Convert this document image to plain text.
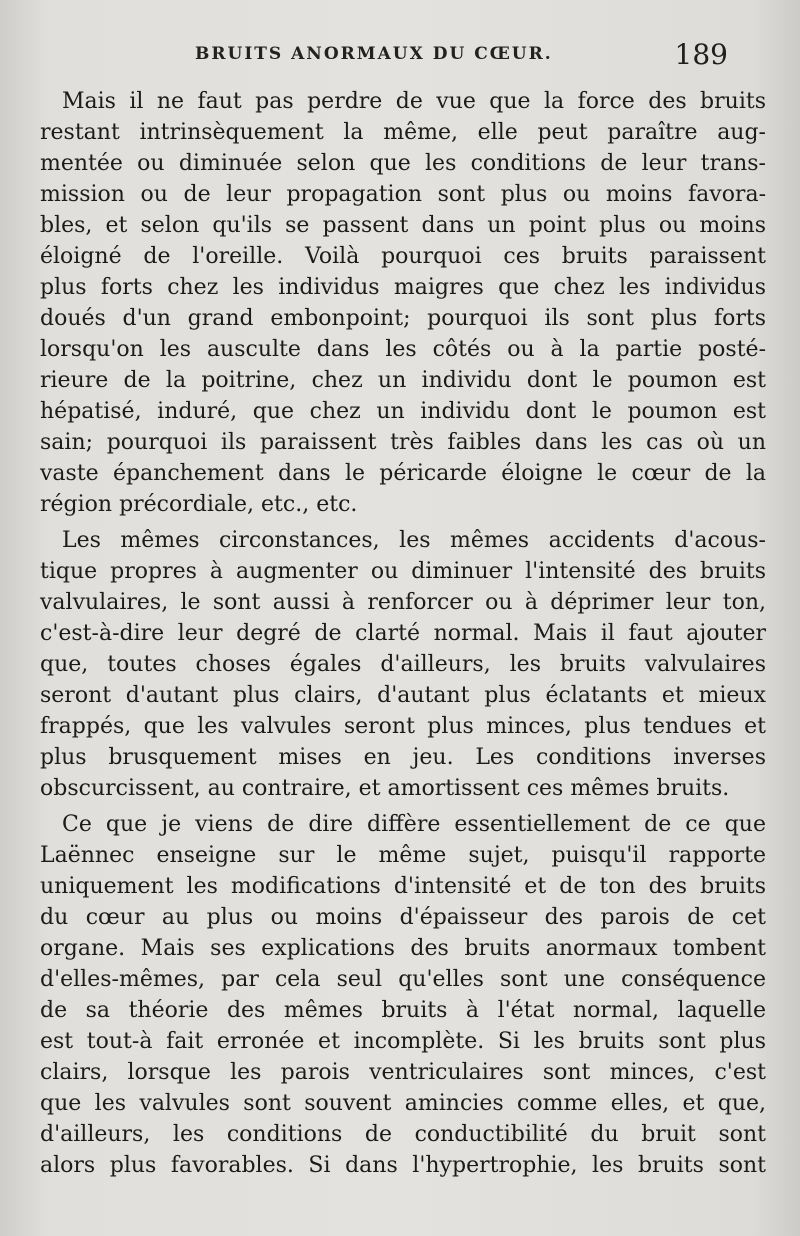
BRUITS ANORMAUX DU CŒUR.	189
Mais il ne faut pas perdre de vue que la force des bruits
restant intrinsèquement la même, elle peut paraître aug-
mentée ou diminuée selon que les conditions de leur trans-
mission ou de leur propagation sont plus ou moins favora-
bles, et selon qu'ils se passent dans un point plus ou moins
éloigné de l'oreille. Voilà pourquoi ces bruits paraissent
plus forts chez les individus maigres que chez les individus
doués d'un grand embonpoint; pourquoi ils sont plus forts
lorsqu'on les ausculte dans les côtés ou à la partie posté-
rieure de la poitrine, chez un individu dont le poumon est
hépatisé, induré, que chez un individu dont le poumon est
sain; pourquoi ils paraissent très faibles dans les cas où un
vaste épanchement dans le péricarde éloigne le cœur de la
région précordiale, etc., etc.
Les mêmes circonstances, les mêmes accidents d'acous-
tique propres à augmenter ou diminuer l'intensité des bruits
valvulaires, le sont aussi à renforcer ou à déprimer leur ton,
c'est-à-dire leur degré de clarté normal. Mais il faut ajouter
que, toutes choses égales d'ailleurs, les bruits valvulaires
seront d'autant plus clairs, d'autant plus éclatants et mieux
frappés, que les valvules seront plus minces, plus tendues et
plus brusquement mises en jeu. Les conditions inverses
obscurcissent, au contraire, et amortissent ces mêmes bruits.
Ce que je viens de dire diffère essentiellement de ce que
Laënnec enseigne sur le même sujet, puisqu'il rapporte
uniquement les modifications d'intensité et de ton des bruits
du cœur au plus ou moins d'épaisseur des parois de cet
organe. Mais ses explications des bruits anormaux tombent
d'elles-mêmes, par cela seul qu'elles sont une conséquence
de sa théorie des mêmes bruits à l'état normal, laquelle
est tout-à fait erronée et incomplète. Si les bruits sont plus
clairs, lorsque les parois ventriculaires sont minces, c'est
que les valvules sont souvent amincies comme elles, et que,
d'ailleurs, les conditions de conductibilité du bruit sont
alors plus favorables. Si dans l'hypertrophie, les bruits sont
